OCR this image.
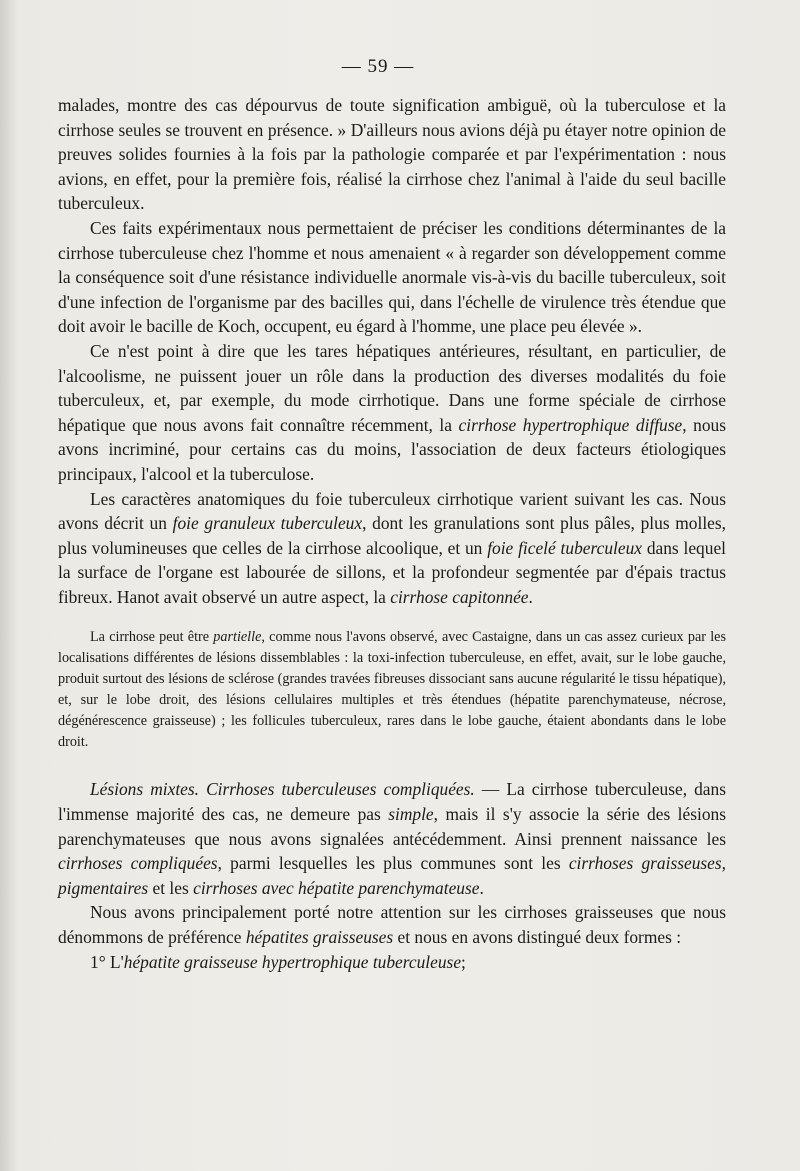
— 59 —

malades, montre des cas dépourvus de toute signification ambiguë, où la tuberculose et la cirrhose seules se trouvent en présence. » D'ailleurs nous avions déjà pu étayer notre opinion de preuves solides fournies à la fois par la pathologie comparée et par l'expérimentation : nous avions, en effet, pour la première fois, réalisé la cirrhose chez l'animal à l'aide du seul bacille tuberculeux.

Ces faits expérimentaux nous permettaient de préciser les conditions déterminantes de la cirrhose tuberculeuse chez l'homme et nous amenaient « à regarder son développement comme la conséquence soit d'une résistance individuelle anormale vis-à-vis du bacille tuberculeux, soit d'une infection de l'organisme par des bacilles qui, dans l'échelle de virulence très étendue que doit avoir le bacille de Koch, occupent, eu égard à l'homme, une place peu élevée ».

Ce n'est point à dire que les tares hépatiques antérieures, résultant, en particulier, de l'alcoolisme, ne puissent jouer un rôle dans la production des diverses modalités du foie tuberculeux, et, par exemple, du mode cirrhotique. Dans une forme spéciale de cirrhose hépatique que nous avons fait connaître récemment, la cirrhose hypertrophique diffuse, nous avons incriminé, pour certains cas du moins, l'association de deux facteurs étiologiques principaux, l'alcool et la tuberculose.

Les caractères anatomiques du foie tuberculeux cirrhotique varient suivant les cas. Nous avons décrit un foie granuleux tuberculeux, dont les granulations sont plus pâles, plus molles, plus volumineuses que celles de la cirrhose alcoolique, et un foie ficelé tuberculeux dans lequel la surface de l'organe est labourée de sillons, et la profondeur segmentée par d'épais tractus fibreux. Hanot avait observé un autre aspect, la cirrhose capitonnée.

La cirrhose peut être partielle, comme nous l'avons observé, avec Castaigne, dans un cas assez curieux par les localisations différentes de lésions dissemblables : la toxi-infection tuberculeuse, en effet, avait, sur le lobe gauche, produit surtout des lésions de sclérose (grandes travées fibreuses dissociant sans aucune régularité le tissu hépatique), et, sur le lobe droit, des lésions cellulaires multiples et très étendues (hépatite parenchymateuse, nécrose, dégénérescence graisseuse) ; les follicules tuberculeux, rares dans le lobe gauche, étaient abondants dans le lobe droit.

Lésions mixtes. Cirrhoses tuberculeuses compliquées. — La cirrhose tuberculeuse, dans l'immense majorité des cas, ne demeure pas simple, mais il s'y associe la série des lésions parenchymateuses que nous avons signalées antécédemment. Ainsi prennent naissance les cirrhoses compliquées, parmi lesquelles les plus communes sont les cirrhoses graisseuses, pigmentaires et les cirrhoses avec hépatite parenchymateuse.

Nous avons principalement porté notre attention sur les cirrhoses graisseuses que nous dénommons de préférence hépatites graisseuses et nous en avons distingué deux formes :

1° L'hépatite graisseuse hypertrophique tuberculeuse;
